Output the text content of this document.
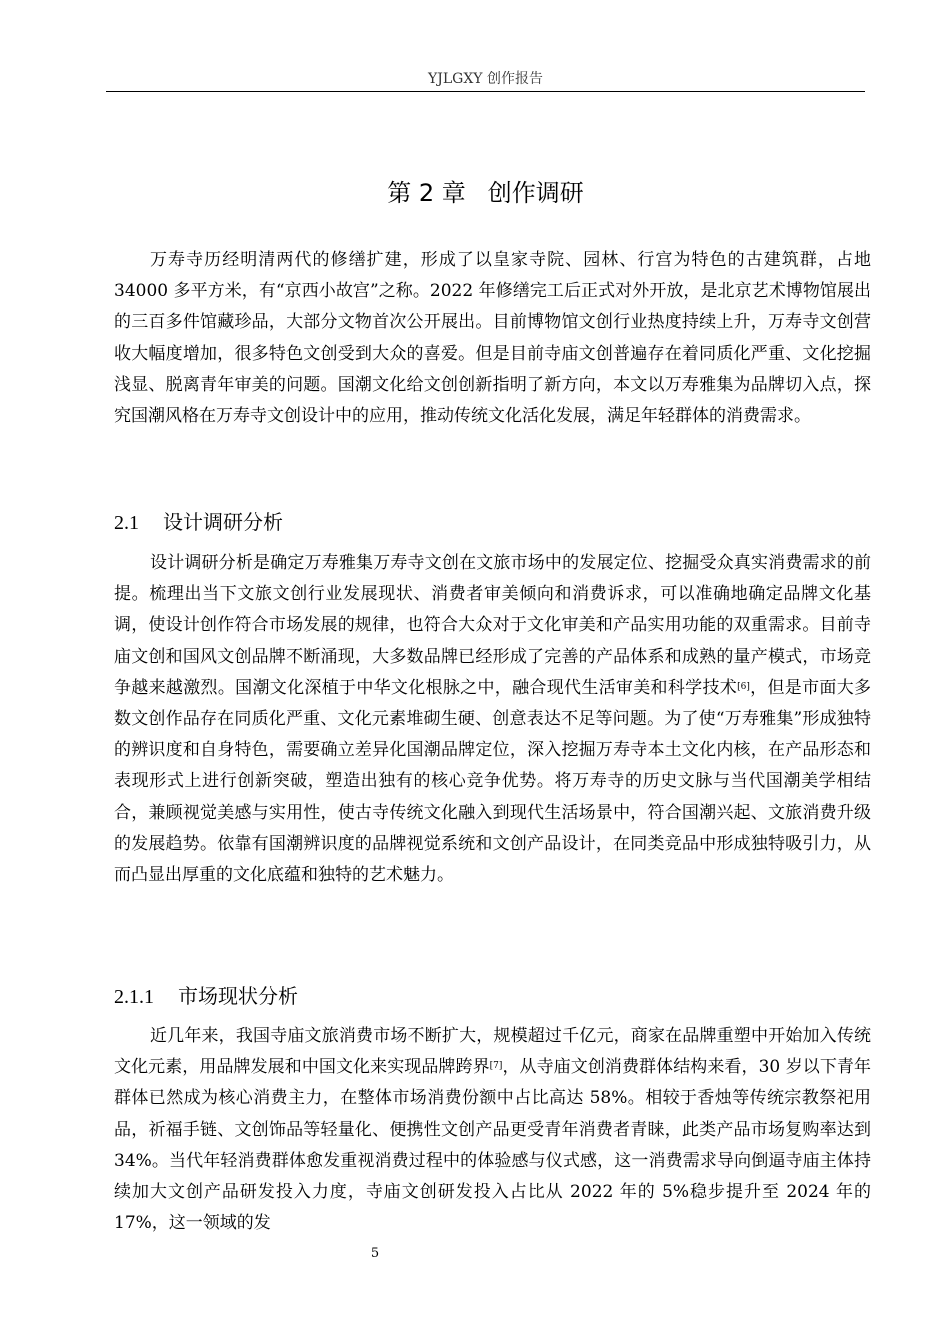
YJLGXY 创作报告
第 2 章 创作调研

万寿寺历经明清两代的修缮扩建，形成了以皇家寺院、园林、行宫为特色的古建筑群，占地 34000 多平方米，有“京西小故宫”之称。2022 年修缮完工后正式对外开放，是北京艺术博物馆展出的三百多件馆藏珍品，大部分文物首次公开展出。目前博物馆文创行业热度持续上升，万寿寺文创营收大幅度增加，很多特色文创受到大众的喜爱。但是目前寺庙文创普遍存在着同质化严重、文化挖掘浅显、脱离青年审美的问题。国潮文化给文创创新指明了新方向，本文以万寿雅集为品牌切入点，探究国潮风格在万寿寺文创设计中的应用，推动传统文化活化发展，满足年轻群体的消费需求。

2.1 设计调研分析

设计调研分析是确定万寿雅集万寿寺文创在文旅市场中的发展定位、挖掘受众真实消费需求的前提。梳理出当下文旅文创行业发展现状、消费者审美倾向和消费诉求，可以准确地确定品牌文化基调，使设计创作符合市场发展的规律，也符合大众对于文化审美和产品实用功能的双重需求。目前寺庙文创和国风文创品牌不断涌现，大多数品牌已经形成了完善的产品体系和成熟的量产模式，市场竞争越来越激烈。国潮文化深植于中华文化根脉之中，融合现代生活审美和科学技术[6]，但是市面大多数文创作品存在同质化严重、文化元素堆砌生硬、创意表达不足等问题。为了使“万寿雅集”形成独特的辨识度和自身特色，需要确立差异化国潮品牌定位，深入挖掘万寿寺本土文化内核，在产品形态和表现形式上进行创新突破，塑造出独有的核心竞争优势。将万寿寺的历史文脉与当代国潮美学相结合，兼顾视觉美感与实用性，使古寺传统文化融入到现代生活场景中，符合国潮兴起、文旅消费升级的发展趋势。依靠有国潮辨识度的品牌视觉系统和文创产品设计，在同类竞品中形成独特吸引力，从而凸显出厚重的文化底蕴和独特的艺术魅力。

2.1.1 市场现状分析

近几年来，我国寺庙文旅消费市场不断扩大，规模超过千亿元，商家在品牌重塑中开始加入传统文化元素，用品牌发展和中国文化来实现品牌跨界[7]，从寺庙文创消费群体结构来看，30 岁以下青年群体已然成为核心消费主力，在整体市场消费份额中占比高达 58%。相较于香烛等传统宗教祭祀用品，祈福手链、文创饰品等轻量化、便携性文创产品更受青年消费者青睐，此类产品市场复购率达到 34%。当代年轻消费群体愈发重视消费过程中的体验感与仪式感，这一消费需求导向倒逼寺庙主体持续加大文创产品研发投入力度，寺庙文创研发投入占比从 2022 年的 5%稳步提升至 2024 年的 17%，这一领域的发

5
